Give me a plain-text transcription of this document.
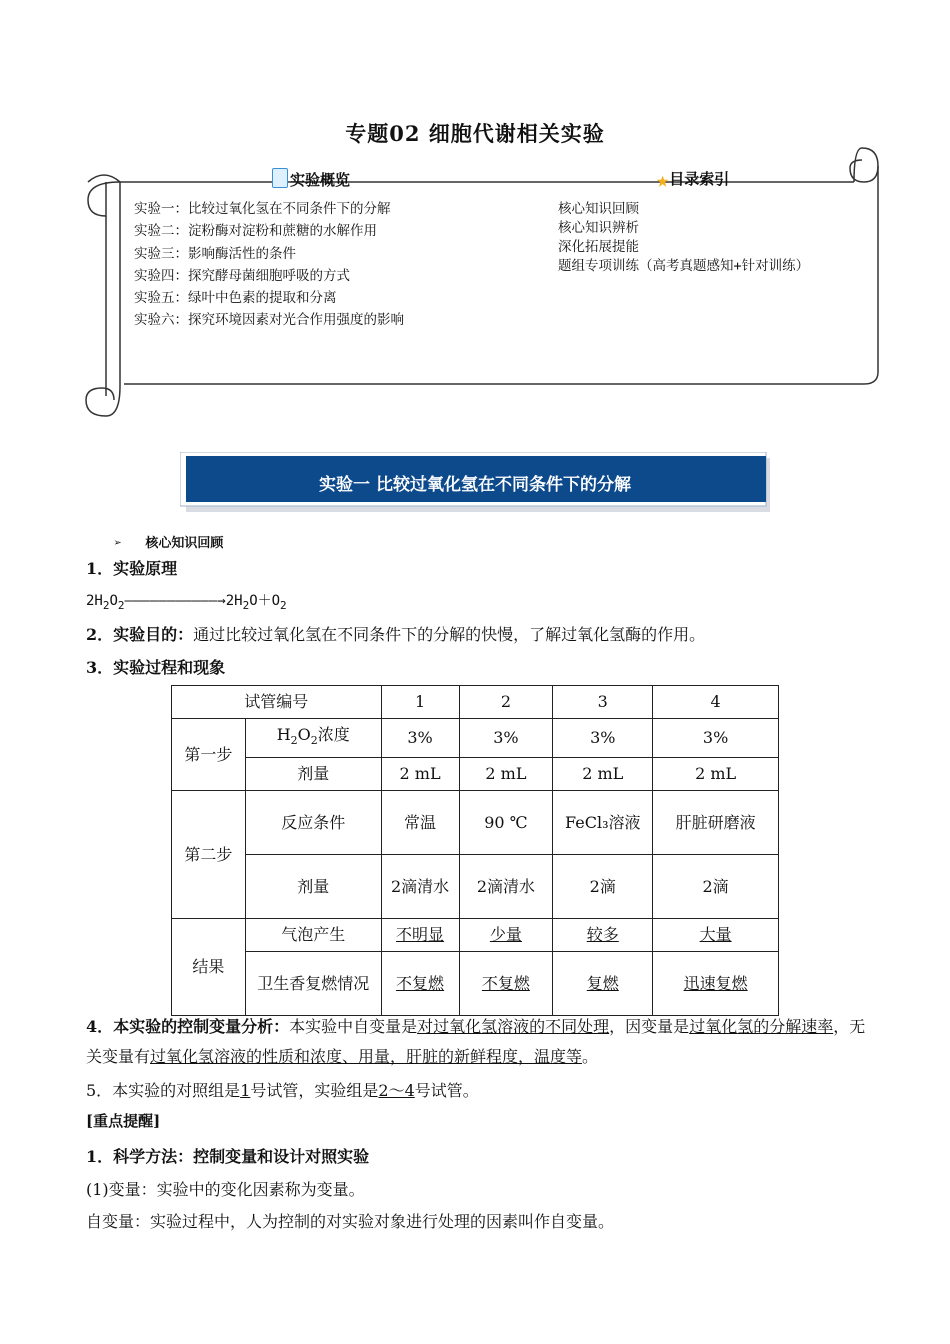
专题02 细胞代谢相关实验
实验概览	★目录索引
实验一：比较过氧化氢在不同条件下的分解
实验二：淀粉酶对淀粉和蔗糖的水解作用
实验三：影响酶活性的条件
实验四：探究酵母菌细胞呼吸的方式
实验五：绿叶中色素的提取和分离
实验六：探究环境因素对光合作用强度的影响
核心知识回顾
核心知识辨析
深化拓展提能
题组专项训练（高考真题感知+针对训练）
实验一 比较过氧化氢在不同条件下的分解
➢ 核心知识回顾
1．实验原理
$2H_2O_2———————————\to 2H_2O+O_2$
2．实验目的：通过比较过氧化氢在不同条件下的分解的快慢，了解过氧化氢酶的作用。
3．实验过程和现象
试管编号		1	2	3	4
第一步	$H_2O_2$浓度	3%	3%	3%	3%
	剂量	2 mL	2 mL	2 mL	2 mL
第二步	反应条件	常温	90 ℃	FeCl₃溶液	肝脏研磨液
	剂量	2滴清水	2滴清水	2滴	2滴
结果	气泡产生	不明显	少量	较多	大量
	卫生香复燃情况	不复燃	不复燃	复燃	迅速复燃
4．本实验的控制变量分析：本实验中自变量是对过氧化氢溶液的不同处理，因变量是过氧化氢的分解速率，无关变量有过氧化氢溶液的性质和浓度、用量，肝脏的新鲜程度，温度等。
5．本实验的对照组是1号试管，实验组是2～4号试管。
[重点提醒]
1．科学方法：控制变量和设计对照实验
(1)变量：实验中的变化因素称为变量。
自变量：实验过程中，人为控制的对实验对象进行处理的因素叫作自变量。
